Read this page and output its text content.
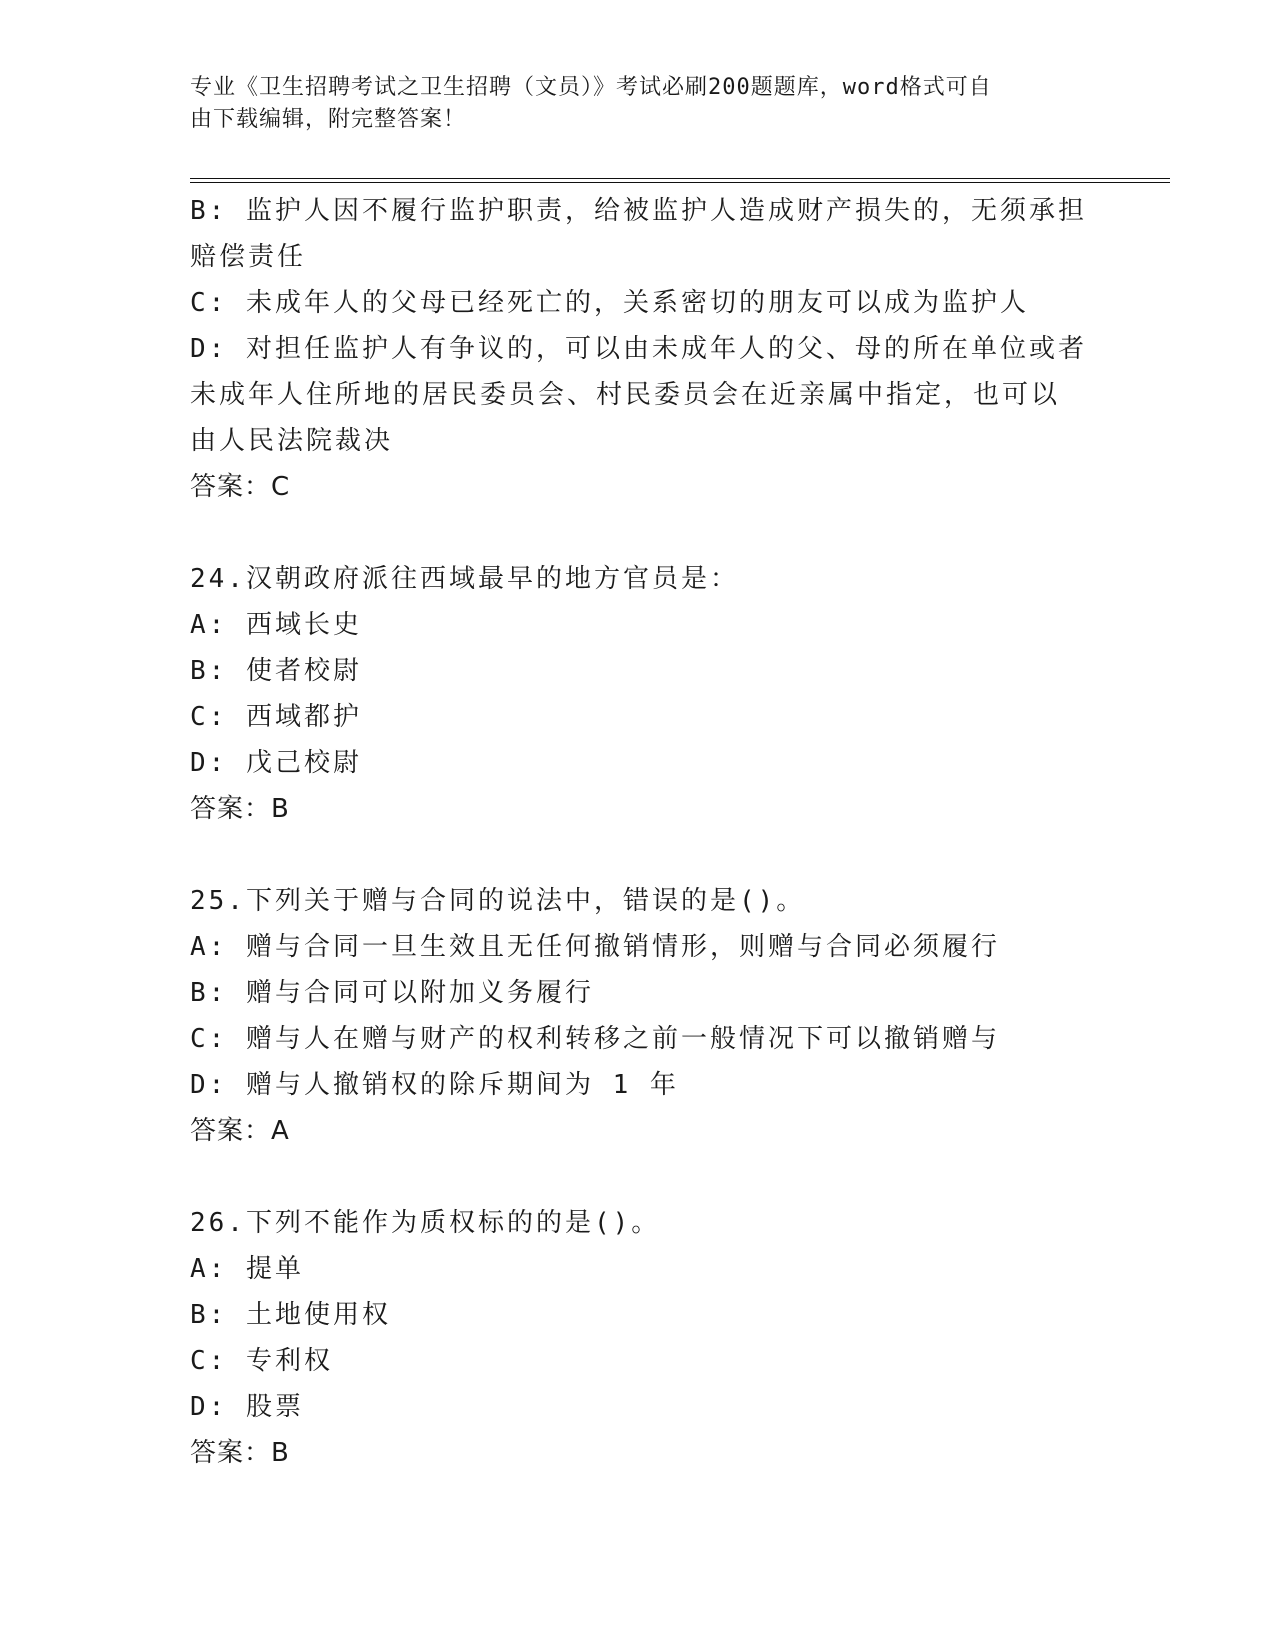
专业《卫生招聘考试之卫生招聘（文员）》考试必刷200题题库，word格式可自
由下载编辑，附完整答案！
B: 监护人因不履行监护职责，给被监护人造成财产损失的，无须承担
赔偿责任
C: 未成年人的父母已经死亡的，关系密切的朋友可以成为监护人
D: 对担任监护人有争议的，可以由未成年人的父、母的所在单位或者
未成年人住所地的居民委员会、村民委员会在近亲属中指定，也可以
由人民法院裁决
答案：C
24.汉朝政府派往西域最早的地方官员是：
A: 西域长史
B: 使者校尉
C: 西域都护
D: 戊己校尉
答案：B
25.下列关于赠与合同的说法中，错误的是()。
A: 赠与合同一旦生效且无任何撤销情形，则赠与合同必须履行
B: 赠与合同可以附加义务履行
C: 赠与人在赠与财产的权利转移之前一般情况下可以撤销赠与
D: 赠与人撤销权的除斥期间为 1 年
答案：A
26.下列不能作为质权标的的是()。
A: 提单
B: 土地使用权
C: 专利权
D: 股票
答案：B
